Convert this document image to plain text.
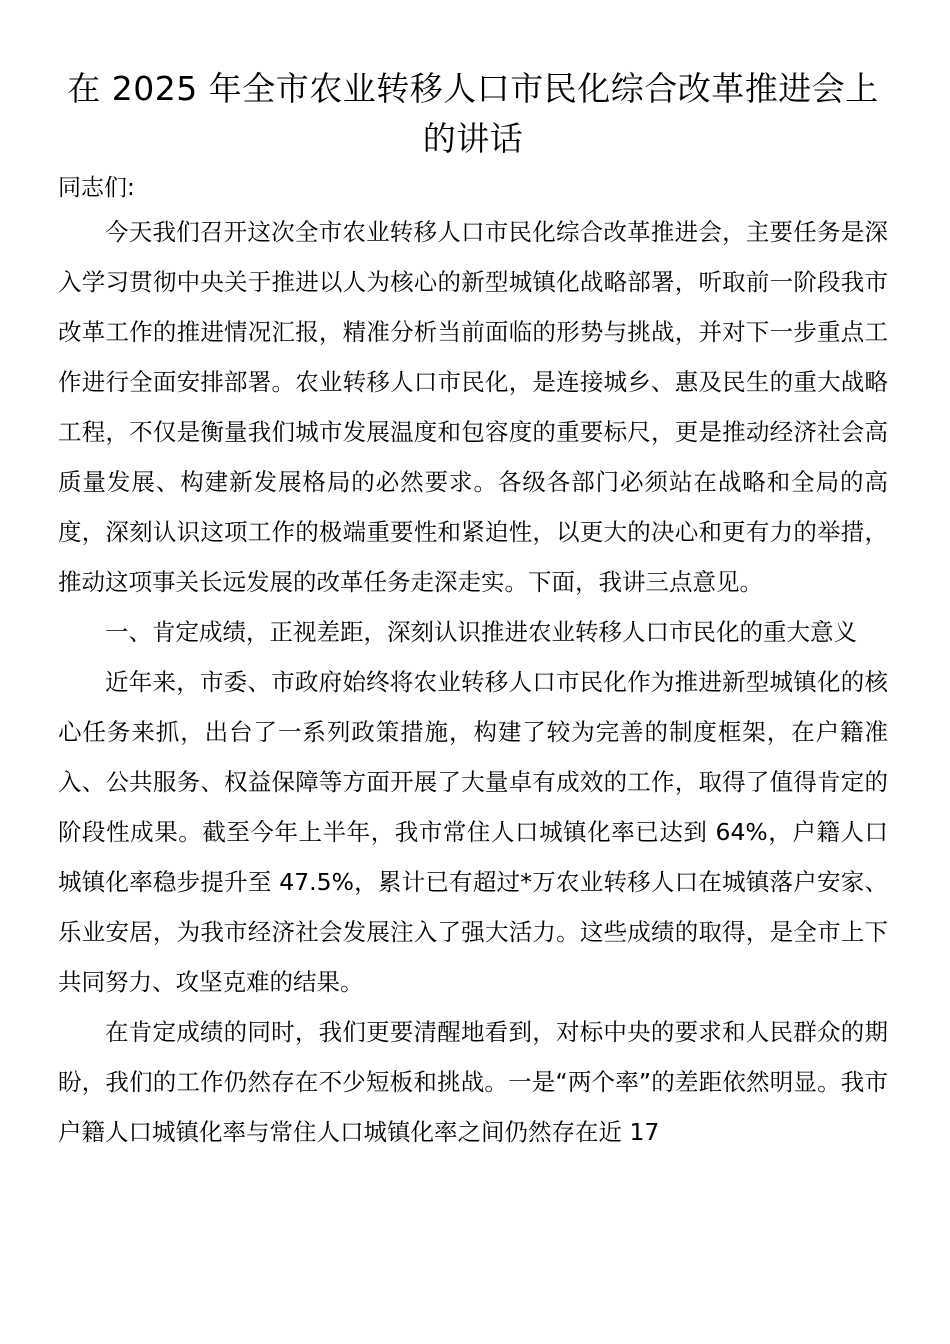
在 2025 年全市农业转移人口市民化综合改革推进会上的讲话

同志们:

今天我们召开这次全市农业转移人口市民化综合改革推进会，主要任务是深入学习贯彻中央关于推进以人为核心的新型城镇化战略部署，听取前一阶段我市改革工作的推进情况汇报，精准分析当前面临的形势与挑战，并对下一步重点工作进行全面安排部署。农业转移人口市民化，是连接城乡、惠及民生的重大战略工程，不仅是衡量我们城市发展温度和包容度的重要标尺，更是推动经济社会高质量发展、构建新发展格局的必然要求。各级各部门必须站在战略和全局的高度，深刻认识这项工作的极端重要性和紧迫性，以更大的决心和更有力的举措，推动这项事关长远发展的改革任务走深走实。下面，我讲三点意见。

一、肯定成绩，正视差距，深刻认识推进农业转移人口市民化的重大意义

近年来，市委、市政府始终将农业转移人口市民化作为推进新型城镇化的核心任务来抓，出台了一系列政策措施，构建了较为完善的制度框架，在户籍准入、公共服务、权益保障等方面开展了大量卓有成效的工作，取得了值得肯定的阶段性成果。截至今年上半年，我市常住人口城镇化率已达到 64%，户籍人口城镇化率稳步提升至 47.5%，累计已有超过*万农业转移人口在城镇落户安家、乐业安居，为我市经济社会发展注入了强大活力。这些成绩的取得，是全市上下共同努力、攻坚克难的结果。

在肯定成绩的同时，我们更要清醒地看到，对标中央的要求和人民群众的期盼，我们的工作仍然存在不少短板和挑战。一是“两个率”的差距依然明显。我市户籍人口城镇化率与常住人口城镇化率之间仍然存在近 17
